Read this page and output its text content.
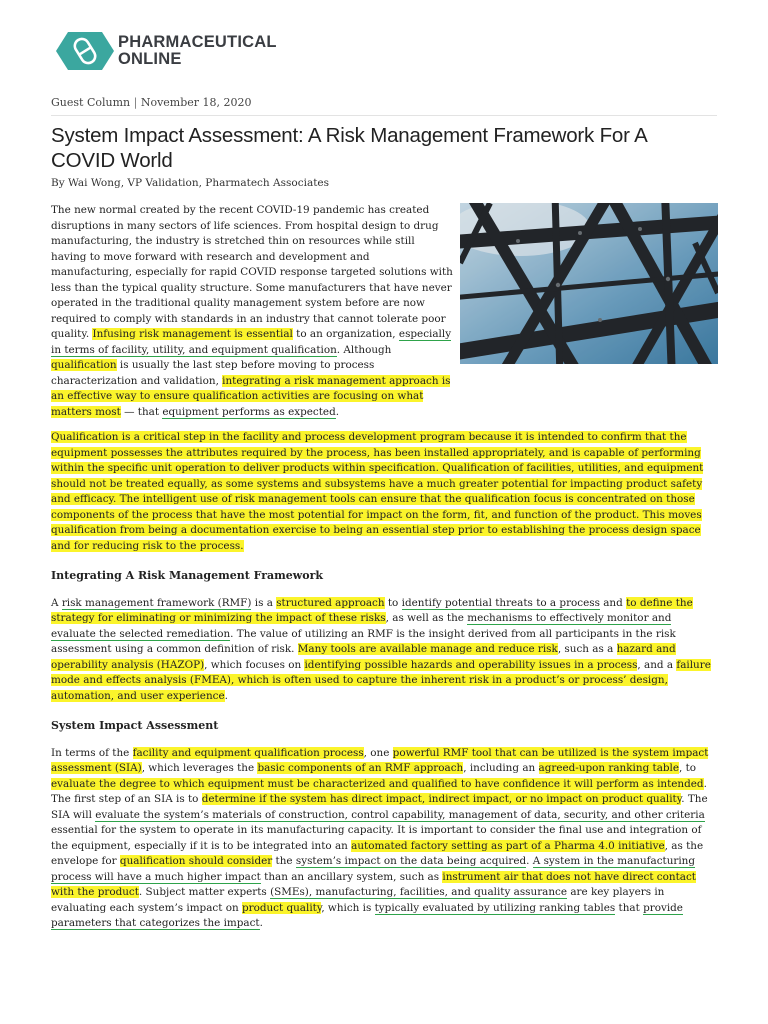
PHARMACEUTICAL
ONLINE
Guest Column | November 18, 2020
System Impact Assessment: A Risk Management Framework For A COVID World
By Wai Wong, VP Validation, Pharmatech Associates

The new normal created by the recent COVID-19 pandemic has created disruptions in many sectors of life sciences. From hospital design to drug manufacturing, the industry is stretched thin on resources while still having to move forward with research and development and manufacturing, especially for rapid COVID response targeted solutions with less than the typical quality structure. Some manufacturers that have never operated in the traditional quality management system before are now required to comply with standards in an industry that cannot tolerate poor quality. Infusing risk management is essential to an organization, especially in terms of facility, utility, and equipment qualification. Although qualification is usually the last step before moving to process characterization and validation, integrating a risk management approach is an effective way to ensure qualification activities are focusing on what matters most — that equipment performs as expected.

Qualification is a critical step in the facility and process development program because it is intended to confirm that the equipment possesses the attributes required by the process, has been installed appropriately, and is capable of performing within the specific unit operation to deliver products within specification. Qualification of facilities, utilities, and equipment should not be treated equally, as some systems and subsystems have a much greater potential for impacting product safety and efficacy. The intelligent use of risk management tools can ensure that the qualification focus is concentrated on those components of the process that have the most potential for impact on the form, fit, and function of the product. This moves qualification from being a documentation exercise to being an essential step prior to establishing the process design space and for reducing risk to the process.

Integrating A Risk Management Framework

A risk management framework (RMF) is a structured approach to identify potential threats to a process and to define the strategy for eliminating or minimizing the impact of these risks, as well as the mechanisms to effectively monitor and evaluate the selected remediation. The value of utilizing an RMF is the insight derived from all participants in the risk assessment using a common definition of risk. Many tools are available manage and reduce risk, such as a hazard and operability analysis (HAZOP), which focuses on identifying possible hazards and operability issues in a process, and a failure mode and effects analysis (FMEA), which is often used to capture the inherent risk in a product’s or process’ design, automation, and user experience.

System Impact Assessment

In terms of the facility and equipment qualification process, one powerful RMF tool that can be utilized is the system impact assessment (SIA), which leverages the basic components of an RMF approach, including an agreed-upon ranking table, to evaluate the degree to which equipment must be characterized and qualified to have confidence it will perform as intended. The first step of an SIA is to determine if the system has direct impact, indirect impact, or no impact on product quality. The SIA will evaluate the system’s materials of construction, control capability, management of data, security, and other criteria essential for the system to operate in its manufacturing capacity. It is important to consider the final use and integration of the equipment, especially if it is to be integrated into an automated factory setting as part of a Pharma 4.0 initiative, as the envelope for qualification should consider the system’s impact on the data being acquired. A system in the manufacturing process will have a much higher impact than an ancillary system, such as instrument air that does not have direct contact with the product. Subject matter experts (SMEs), manufacturing, facilities, and quality assurance are key players in evaluating each system’s impact on product quality, which is typically evaluated by utilizing ranking tables that provide parameters that categorizes the impact.
